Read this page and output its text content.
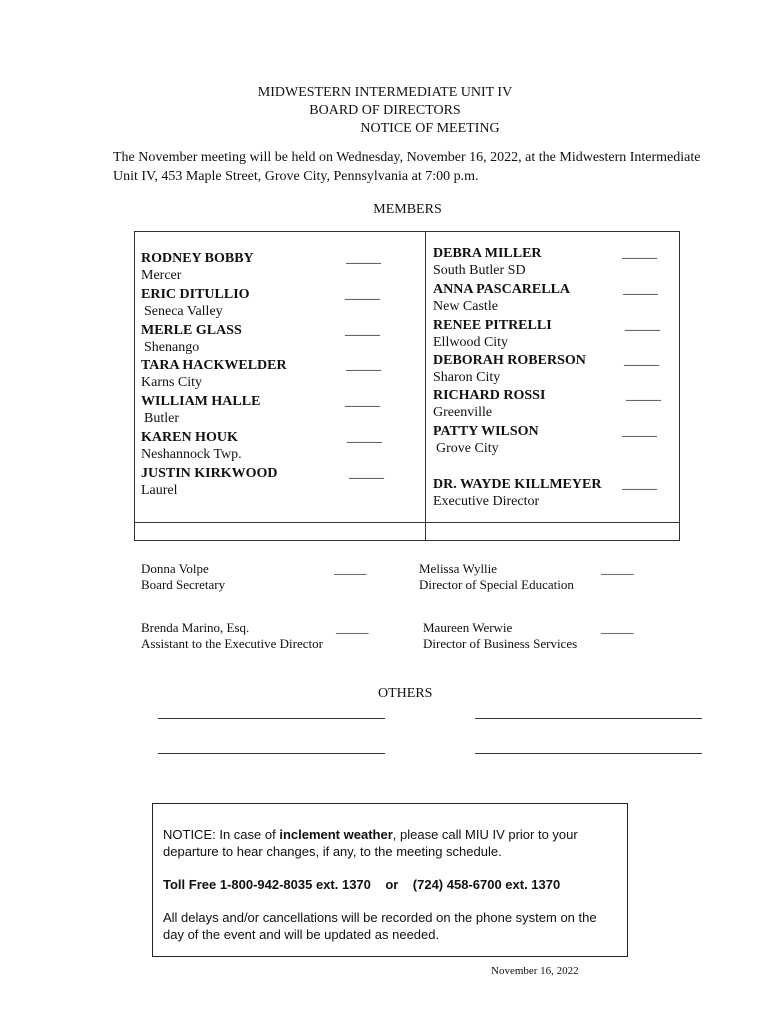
MIDWESTERN INTERMEDIATE UNIT IV
BOARD OF DIRECTORS
NOTICE OF MEETING
The November meeting will be held on Wednesday, November 16, 2022, at the Midwestern Intermediate Unit IV, 453 Maple Street, Grove City, Pennsylvania at 7:00 p.m.
MEMBERS
RODNEY BOBBY
Mercer
ERIC DITULLIO
Seneca Valley
MERLE GLASS
Shenango
TARA HACKWELDER
Karns City
WILLIAM HALLE
Butler
KAREN HOUK
Neshannock Twp.
JUSTIN KIRKWOOD
Laurel
_____
_____
_____
_____
_____
_____
_____
DEBRA MILLER
South Butler SD
ANNA PASCARELLA
New Castle
RENEE PITRELLI
Ellwood City
DEBORAH ROBERSON
Sharon City
RICHARD ROSSI
Greenville
PATTY WILSON
Grove City
DR. WAYDE KILLMEYER
Executive Director
_____
_____
_____
_____
_____
_____
_____
Donna Volpe
Board Secretary
_____	Melissa Wyllie
Director of Special Education
_____
Brenda Marino, Esq.
Assistant to the Executive Director
_____	Maureen Werwie
Director of Business Services
_____
OTHERS

NOTICE: In case of inclement weather, please call MIU IV prior to your departure to hear changes, if any, to the meeting schedule.

Toll Free 1-800-942-8035 ext. 1370    or    (724) 458-6700 ext. 1370

All delays and/or cancellations will be recorded on the phone system on the day of the event and will be updated as needed.

November 16, 2022
